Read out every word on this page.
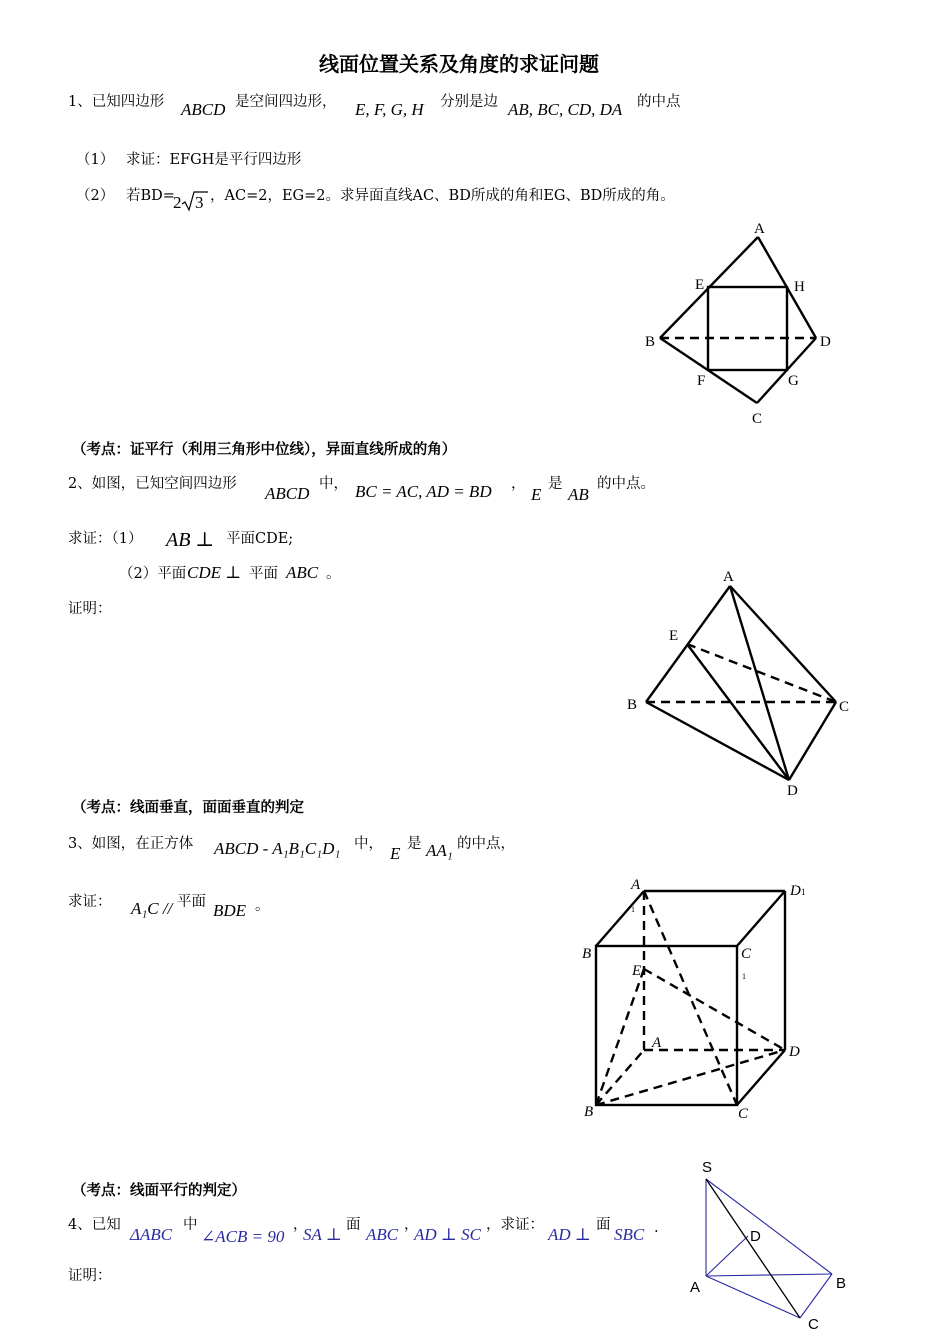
线面位置关系及角度的求证问题
1、已知四边形 ABCD 是空间四边形， E, F, G, H 分别是边 AB, BC, CD, DA 的中点
（1） 求证：EFGH是平行四边形
（2） 若BD=
2 3 ，AC=2，EG=2。求异面直线AC、BD所成的角和EG、BD所成的角。
A
E	H
B	D
F	G
C
（考点：证平行（利用三角形中位线），异面直线所成的角）
2、如图，已知空间四边形 ABCD 中， BC = AC, AD = BD ，
E
是
AB
的中点。
求证：（1） AB ⊥ 平面CDE;
（2）平面 CDE ⊥ 平面 ABC 。
证明：
A
E
B	C
D
（考点：线面垂直，面面垂直的判定
3、如图，在正方体 ABCD - A₁B₁C₁D₁ 中， E 是 AA₁ 的中点，
求证： A₁C // 平面 BDE 。
A
1
D 1
B	C
1
E
A
D
B	C
（考点：线面平行的判定）
4、已知 ΔABC 中
∠ACB = 90
，
SA ⊥ 面 ABC ，
AD ⊥ SC ，求证： AD ⊥ 面 SBC .
证明：
S
D
A	B
C
